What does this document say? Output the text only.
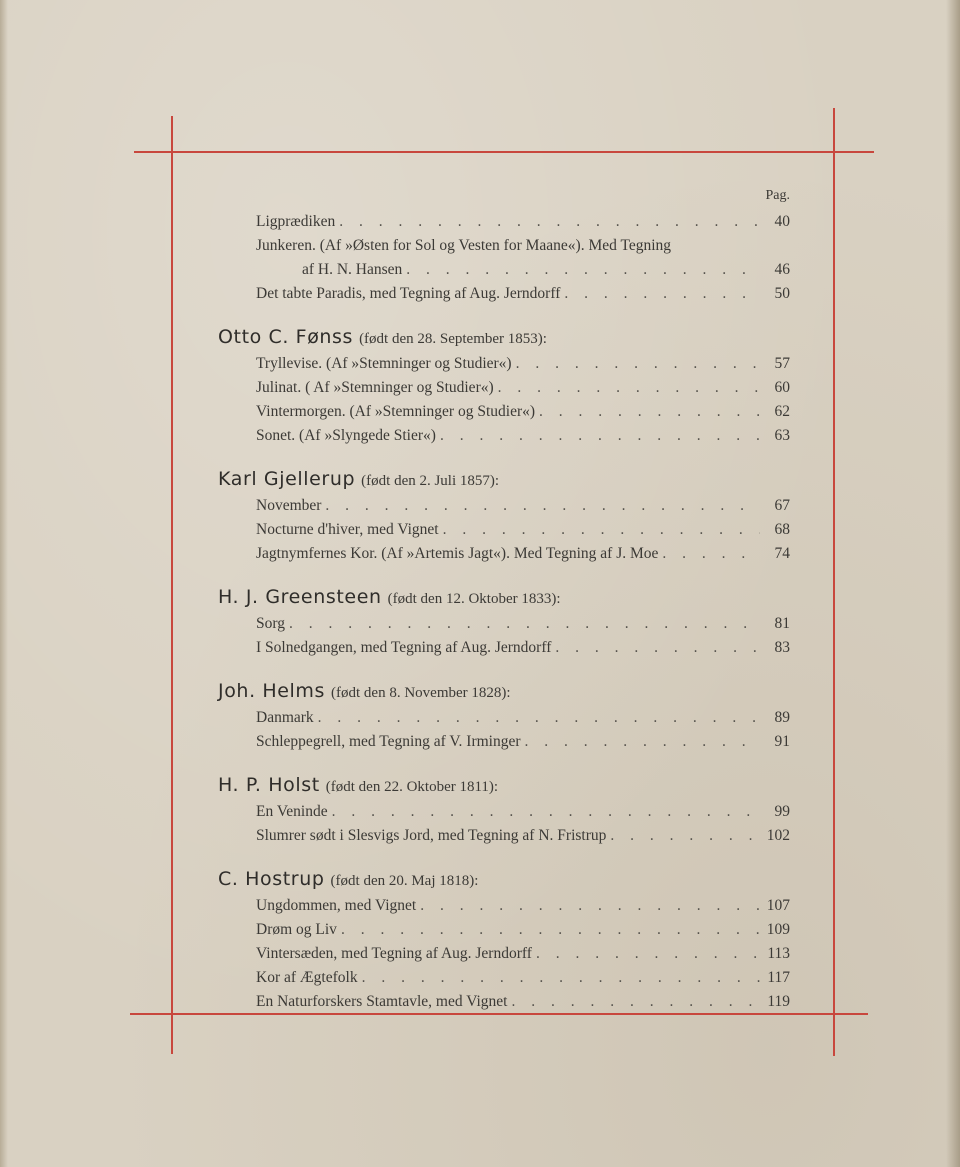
Pag.
Ligprædiken . . .	40
Junkeren. (Af »Østen for Sol og Vesten for Maane«). Med Tegning
af H. N. Hansen . . .	46
Det tabte Paradis, med Tegning af Aug. Jerndorff . . .	50
Otto C. Fønss (født den 28. September 1853):
Tryllevise. (Af »Stemninger og Studier«) . . .	57
Julinat. ( Af »Stemninger og Studier«) . . .	60
Vintermorgen. (Af »Stemninger og Studier«) . . .	62
Sonet. (Af »Slyngede Stier«) . . .	63
Karl Gjellerup (født den 2. Juli 1857):
November . . .	67
Nocturne d'hiver, med Vignet . . .	68
Jagtnymfernes Kor. (Af »Artemis Jagt«). Med Tegning af J. Moe . . .	74
H. J. Greensteen (født den 12. Oktober 1833):
Sorg . . .	81
I Solnedgangen, med Tegning af Aug. Jerndorff . . .	83
Joh. Helms (født den 8. November 1828):
Danmark . . .	89
Schleppegrell, med Tegning af V. Irminger . . .	91
H. P. Holst (født den 22. Oktober 1811):
En Veninde . . .	99
Slumrer sødt i Slesvigs Jord, med Tegning af N. Fristrup . . .	102
C. Hostrup (født den 20. Maj 1818):
Ungdommen, med Vignet . . .	107
Drøm og Liv . . .	109
Vintersæden, med Tegning af Aug. Jerndorff . . .	113
Kor af Ægtefolk . . .	117
En Naturforskers Stamtavle, med Vignet . . .	119
